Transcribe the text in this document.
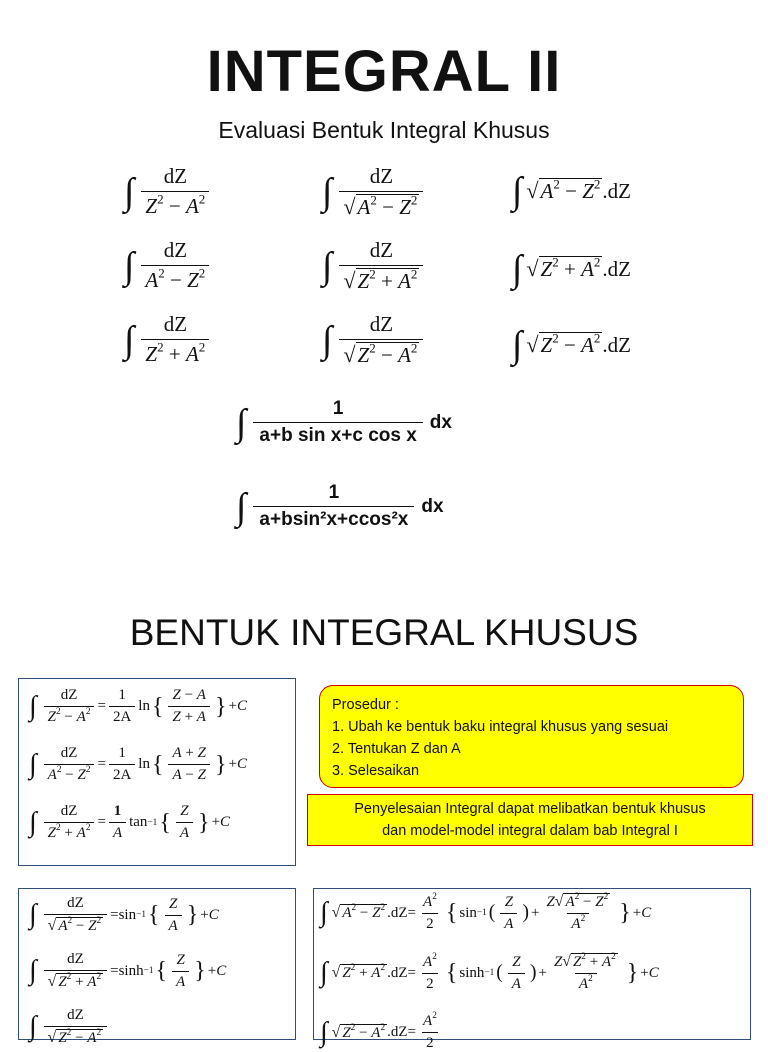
INTEGRAL II
Evaluasi Bentuk Integral Khusus
∫ $\frac{dZ}{Z^2 - A^2}$
∫ $\frac{dZ}{A^2 - Z^2}$
∫ $\frac{dZ}{Z^2 + A^2}$
∫ $\frac{dZ}{√ A^2 - Z^2}$
∫ $\frac{dZ}{√ Z^2 + A^2}$
∫ $\frac{dZ}{√ Z^2 - A^2}$
∫ √ $A^2 - Z^2$ . dZ
∫ √ $Z^2 + A^2$ . dZ
∫ √ $Z^2 - A^2$ . dZ
∫ $\frac{1}{\text{a+b sin x+c cos x}}$ dx
∫ $\frac{1}{\text{a+bsin²x+ccos²x}}$ dx
BENTUK INTEGRAL KHUSUS
∫ $\frac{dZ}{Z^2 - A^2} = \frac{1}{2A}$ ln { $\frac{Z - A}{Z + A}$ } + C
∫ $\frac{dZ}{A^2 - Z^2} = \frac{1}{2A}$ ln { $\frac{A + Z}{A - Z}$ } + C
∫ $\frac{dZ}{Z^2 + A^2} = \frac{1}{A}$ tan −1 { $\frac{Z}{A}$ } + C
Prosedur :
1. Ubah ke bentuk baku integral khusus yang sesuai
2. Tentukan Z dan A
3. Selesaikan
Penyelesaian Integral dapat melibatkan bentuk khusus
dan model-model integral dalam bab Integral I
∫ $\frac{dZ}{√ A^2 - Z^2} = \sin -1$ { $\frac{Z}{A}$ } + C
∫ $\frac{dZ}{√ Z^2 + A^2} = \sinh -1$ { $\frac{Z}{A}$ } + C
∫ $\frac{dZ}{√ Z^2 - A^2}$
∫ √ $A^2 - Z^2$ . dZ = $\frac{A^2}{2}$ { sin −1 ( $\frac{Z}{A}$ ) + $\frac{Z √ A^2 - Z^2}{A^2}$ } + C
∫ √ $Z^2 + A^2$ . dZ = $\frac{A^2}{2}$ { sinh −1 ( $\frac{Z}{A}$ ) + $\frac{Z √ Z^2 + A^2}{A^2}$ } + C
∫ √ $Z^2 - A^2$ . dZ = $\frac{A^2}{2}$
